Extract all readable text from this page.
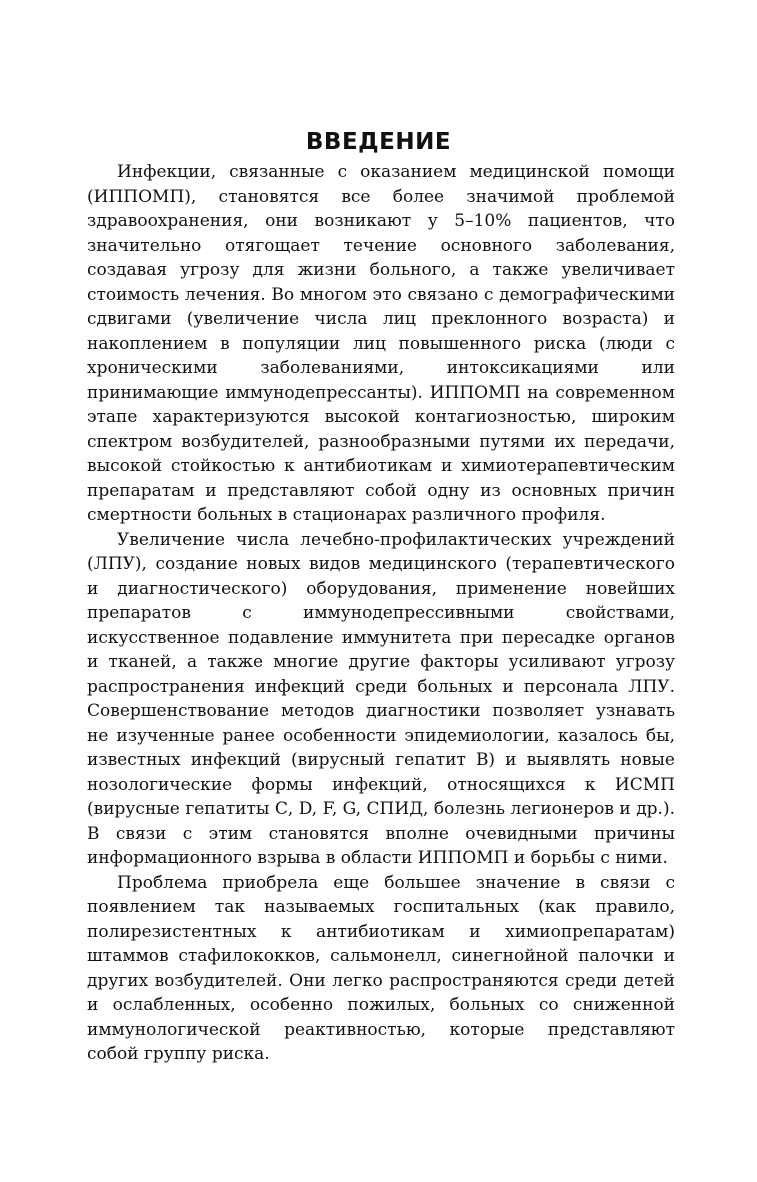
ВВЕДЕНИЕ

Инфекции, связанные с оказанием медицинской помощи (ИППОМП), становятся все более значимой проблемой здравоохранения, они возникают у 5–10% пациентов, что значительно отягощает течение основного заболевания, создавая угрозу для жизни больного, а также увеличивает стоимость лечения. Во многом это связано с демографическими сдвигами (увеличение числа лиц преклонного возраста) и накоплением в популяции лиц повышенного риска (люди с хроническими заболеваниями, интоксикациями или принимающие иммунодепрессанты). ИППОМП на современном этапе характеризуются высокой контагиозностью, широким спектром возбудителей, разнообразными путями их передачи, высокой стойкостью к антибиотикам и химиотерапевтическим препаратам и представляют собой одну из основных причин смертности больных в стационарах различного профиля.

Увеличение числа лечебно-профилактических учреждений (ЛПУ), создание новых видов медицинского (терапевтического и диагностического) оборудования, применение новейших препаратов с иммунодепрессивными свойствами, искусственное подавление иммунитета при пересадке органов и тканей, а также многие другие факторы усиливают угрозу распространения инфекций среди больных и персонала ЛПУ. Совершенствование методов диагностики позволяет узнавать не изученные ранее особенности эпидемиологии, казалось бы, известных инфекций (вирусный гепатит В) и выявлять новые нозологические формы инфекций, относящихся к ИСМП (вирусные гепатиты С, D, F, G, СПИД, болезнь легионеров и др.). В связи с этим становятся вполне очевидными причины информационного взрыва в области ИППОМП и борьбы с ними.

Проблема приобрела еще большее значение в связи с появлением так называемых госпитальных (как правило, полирезистентных к антибиотикам и химиопрепаратам) штаммов стафилококков, сальмонелл, синегнойной палочки и других возбудителей. Они легко распространяются среди детей и ослабленных, особенно пожилых, больных со сниженной иммунологической реактивностью, которые представляют собой группу риска.
